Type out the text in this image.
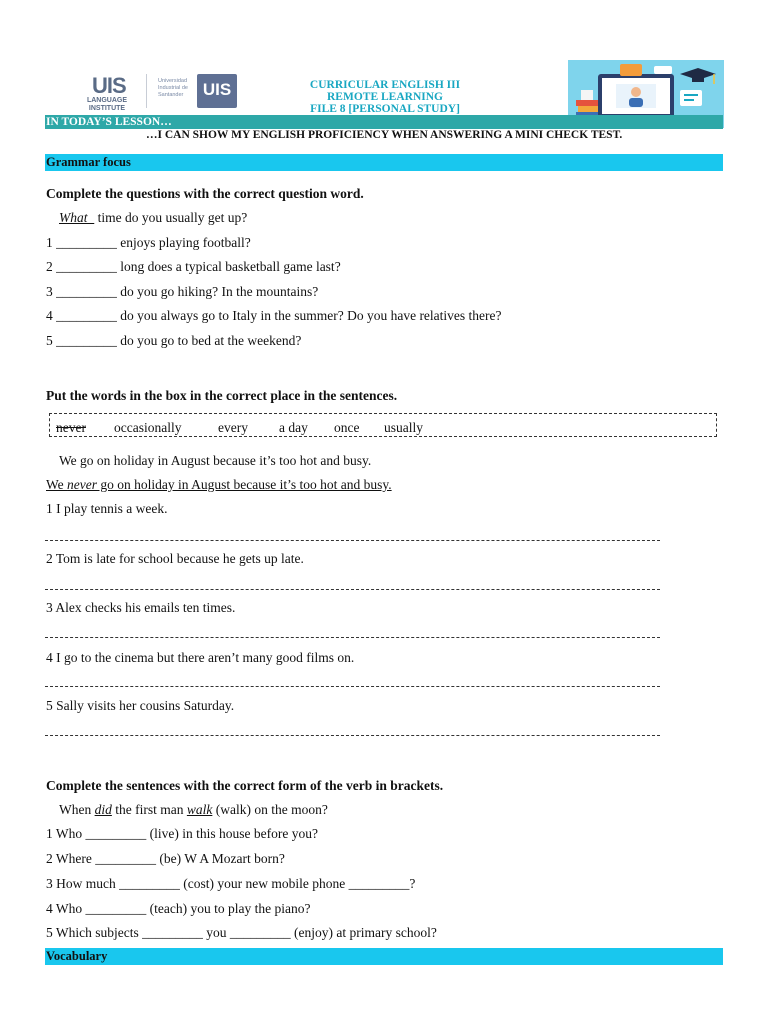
UIS
LANGUAGE INSTITUTE
Universidad Industrial de Santander	UIS	CURRICULAR ENGLISH III
REMOTE LEARNING
FILE 8 [PERSONAL STUDY]
IN TODAY’S LESSON…
…I CAN SHOW MY ENGLISH PROFICIENCY WHEN ANSWERING A MINI CHECK TEST.
Grammar focus
Complete the questions with the correct question word.
What   time do you usually get up?
1 _________ enjoys playing football?
2 _________ long does a typical basketball game last?
3 _________ do you go hiking? In the mountains?
4 _________ do you always go to Italy in the summer? Do you have relatives there?
5 _________ do you go to bed at the weekend?
Put the words in the box in the correct place in the sentences.
never occasionally	every a day once usually
We go on holiday in August because it’s too hot and busy.
We never go on holiday in August because it’s too hot and busy.
1 I play tennis a week.
2 Tom is late for school because he gets up late.
3 Alex checks his emails ten times.
4 I go to the cinema but there aren’t many good films on.
5 Sally visits her cousins Saturday.
Complete the sentences with the correct form of the verb in brackets.
When did the first man walk (walk) on the moon?
1 Who _________ (live) in this house before you?
2 Where _________ (be) W A Mozart born?
3 How much _________ (cost) your new mobile phone _________?
4 Who _________ (teach) you to play the piano?
5 Which subjects _________ you _________ (enjoy) at primary school?
Vocabulary
